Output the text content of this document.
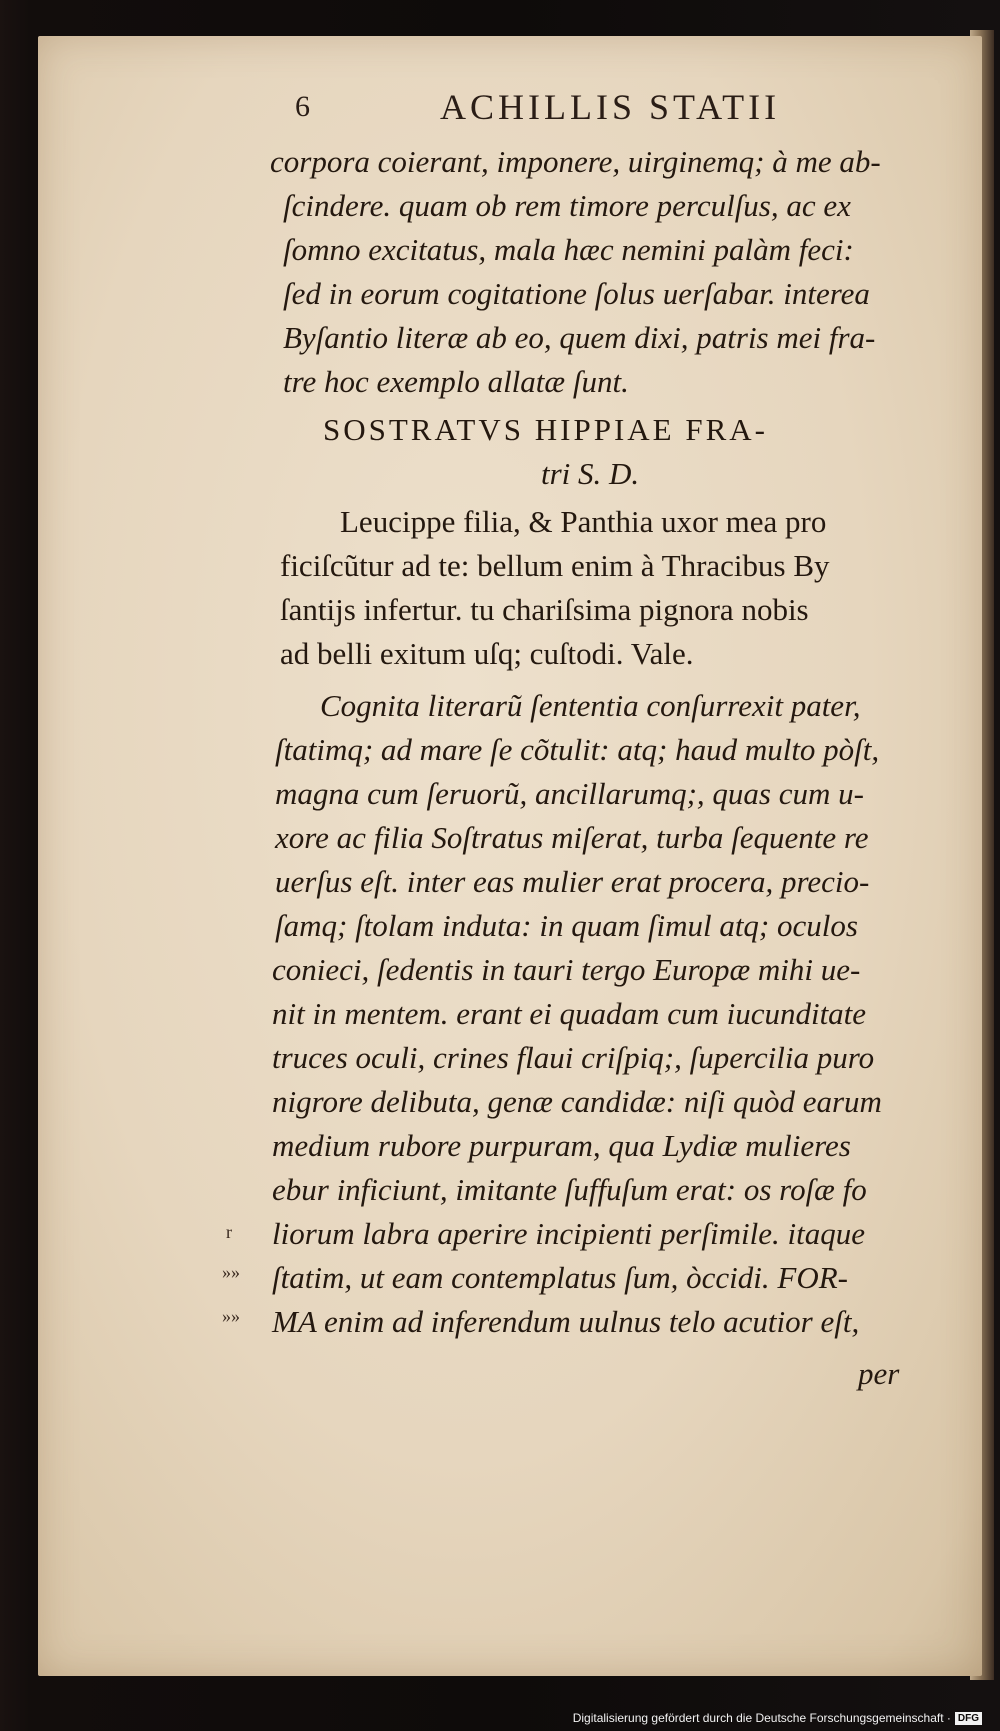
6	ACHILLIS STATII

corpora coierant, imponere, uirginemq; à me ab-

ſcindere. quam ob rem timore perculſus, ac ex

ſomno excitatus, mala hæc nemini palàm feci:

ſed in eorum cogitatione ſolus uerſabar. interea

Byſantio literæ ab eo, quem dixi, patris mei fra-

tre hoc exemplo allatæ ſunt.

SOSTRATVS HIPPIAE FRA-

tri S. D.

Leucippe filia, & Panthia uxor mea pro

ficiſcũtur ad te: bellum enim à Thracibus By

ſantijs infertur. tu chariſsima pignora nobis

ad belli exitum uſq; cuſtodi. Vale.

Cognita literarũ ſententia conſurrexit pater,

ſtatimq; ad mare ſe cõtulit: atq; haud multo pòſt,

magna cum ſeruorũ, ancillarumq;, quas cum u-

xore ac filia Soſtratus miſerat, turba ſequente re

uerſus eſt. inter eas mulier erat procera, precio-

ſamq; ſtolam induta: in quam ſimul atq; oculos

conieci, ſedentis in tauri tergo Europæ mihi ue-

nit in mentem. erant ei quadam cum iucunditate

truces oculi, crines flaui criſpiq;, ſupercilia puro

nigrore delibuta, genæ candidæ: niſi quòd earum

medium rubore purpuram, qua Lydiæ mulieres

ebur inficiunt, imitante ſuffuſum erat: os roſæ fo

liorum labra aperire incipienti perſimile. itaque

ſtatim, ut eam contemplatus ſum, òccidi. FOR-

MA enim ad inferendum uulnus telo acutior eſt,

per

r
»»
»»
Digitalisierung gefördert durch die Deutsche Forschungsgemeinschaft · DFG
